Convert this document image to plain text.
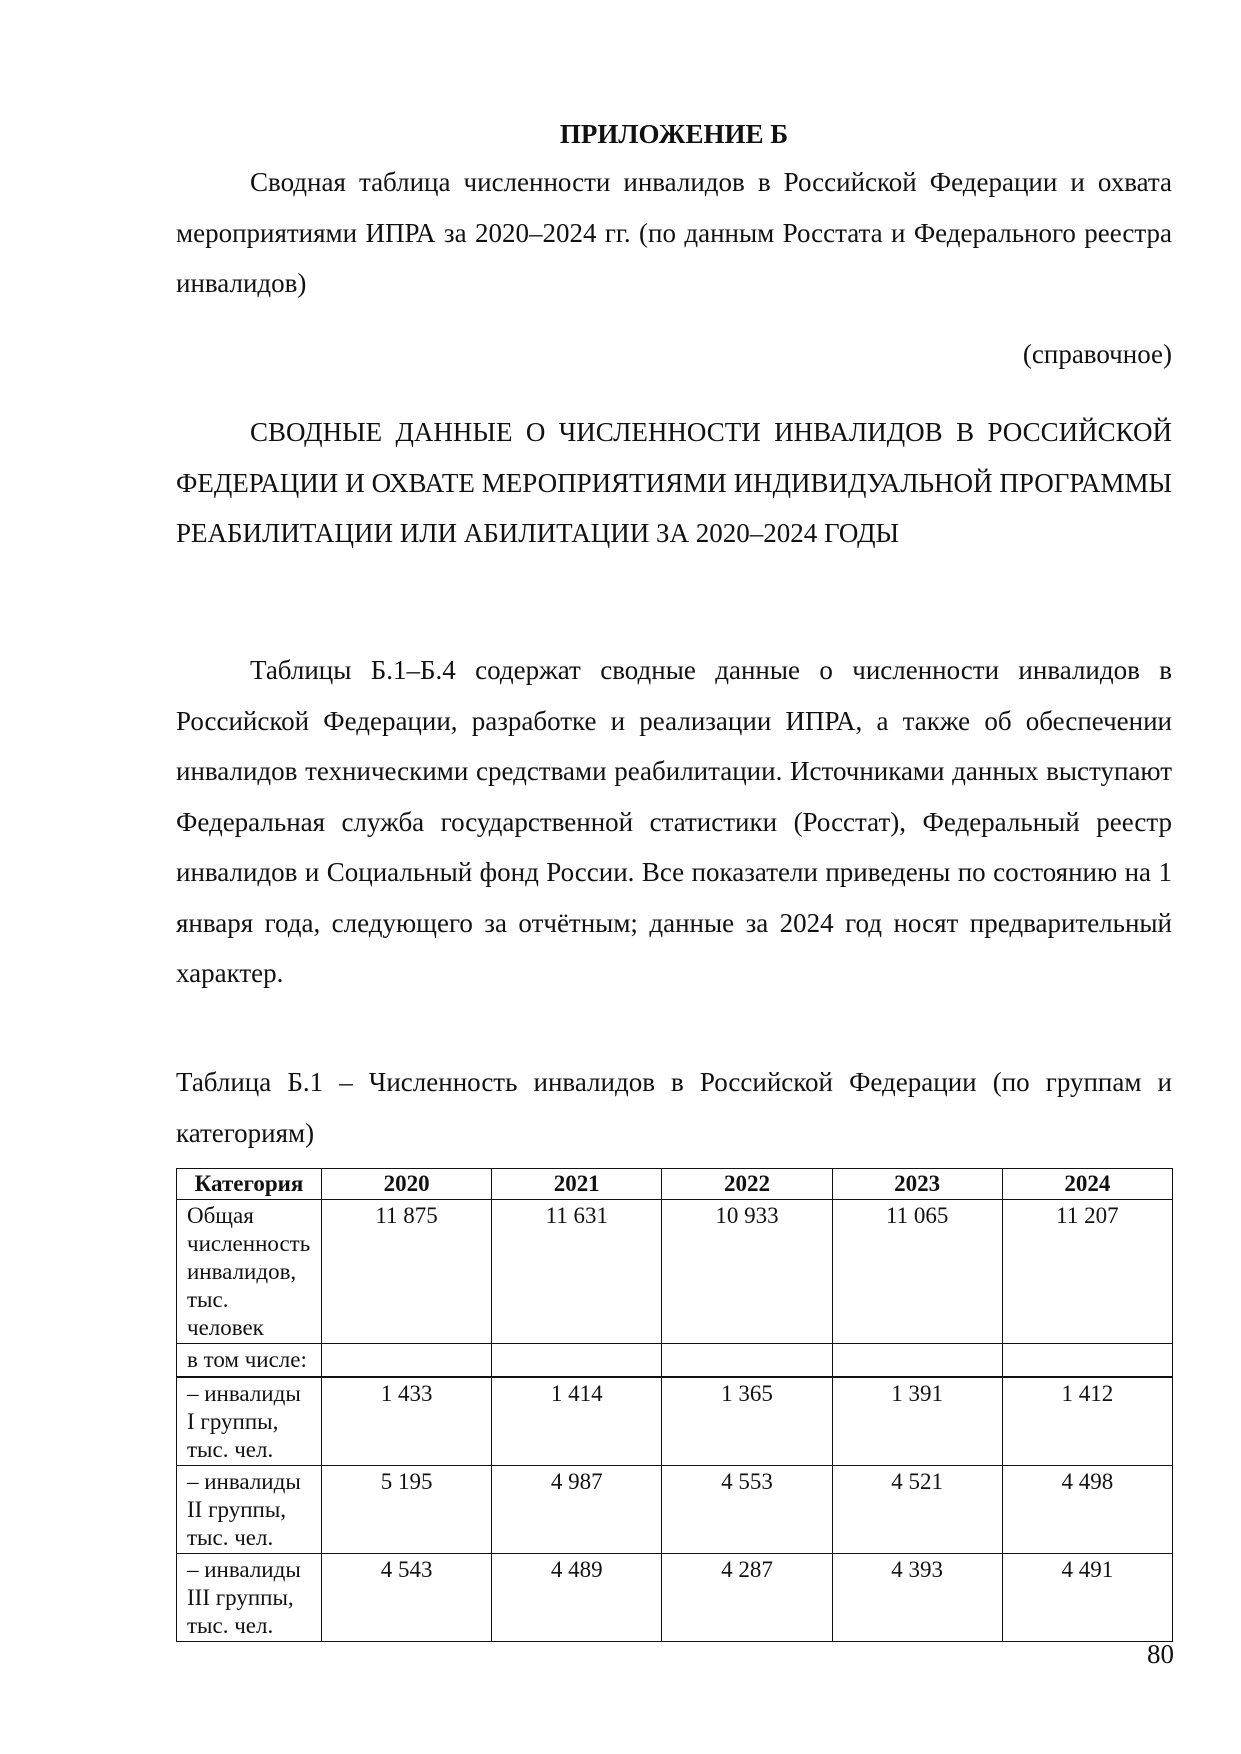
ПРИЛОЖЕНИЕ Б

Сводная таблица численности инвалидов в Российской Федерации и охвата мероприятиями ИПРА за 2020–2024 гг. (по данным Росстата и Федерального реестра инвалидов)

(справочное)

СВОДНЫЕ ДАННЫЕ О ЧИСЛЕННОСТИ ИНВАЛИДОВ В РОССИЙСКОЙ ФЕДЕРАЦИИ И ОХВАТЕ МЕРОПРИЯТИЯМИ ИНДИВИДУАЛЬНОЙ ПРОГРАММЫ РЕАБИЛИТАЦИИ ИЛИ АБИЛИТАЦИИ ЗА 2020–2024 ГОДЫ

Таблицы Б.1–Б.4 содержат сводные данные о численности инвалидов в Российской Федерации, разработке и реализации ИПРА, а также об обеспечении инвалидов техническими средствами реабилитации. Источниками данных выступают Федеральная служба государственной статистики (Росстат), Федеральный реестр инвалидов и Социальный фонд России. Все показатели приведены по состоянию на 1 января года, следующего за отчётным; данные за 2024 год носят предварительный характер.

Таблица Б.1 – Численность инвалидов в Российской Федерации (по группам и категориям)

Категория	2020	2021	2022	2023	2024
Общая численность инвалидов, тыс. человек	11 875	11 631	10 933	11 065	11 207
в том числе:					
– инвалиды I группы, тыс. чел.	1 433	1 414	1 365	1 391	1 412
– инвалиды II группы, тыс. чел.	5 195	4 987	4 553	4 521	4 498
– инвалиды III группы, тыс. чел.	4 543	4 489	4 287	4 393	4 491

80
